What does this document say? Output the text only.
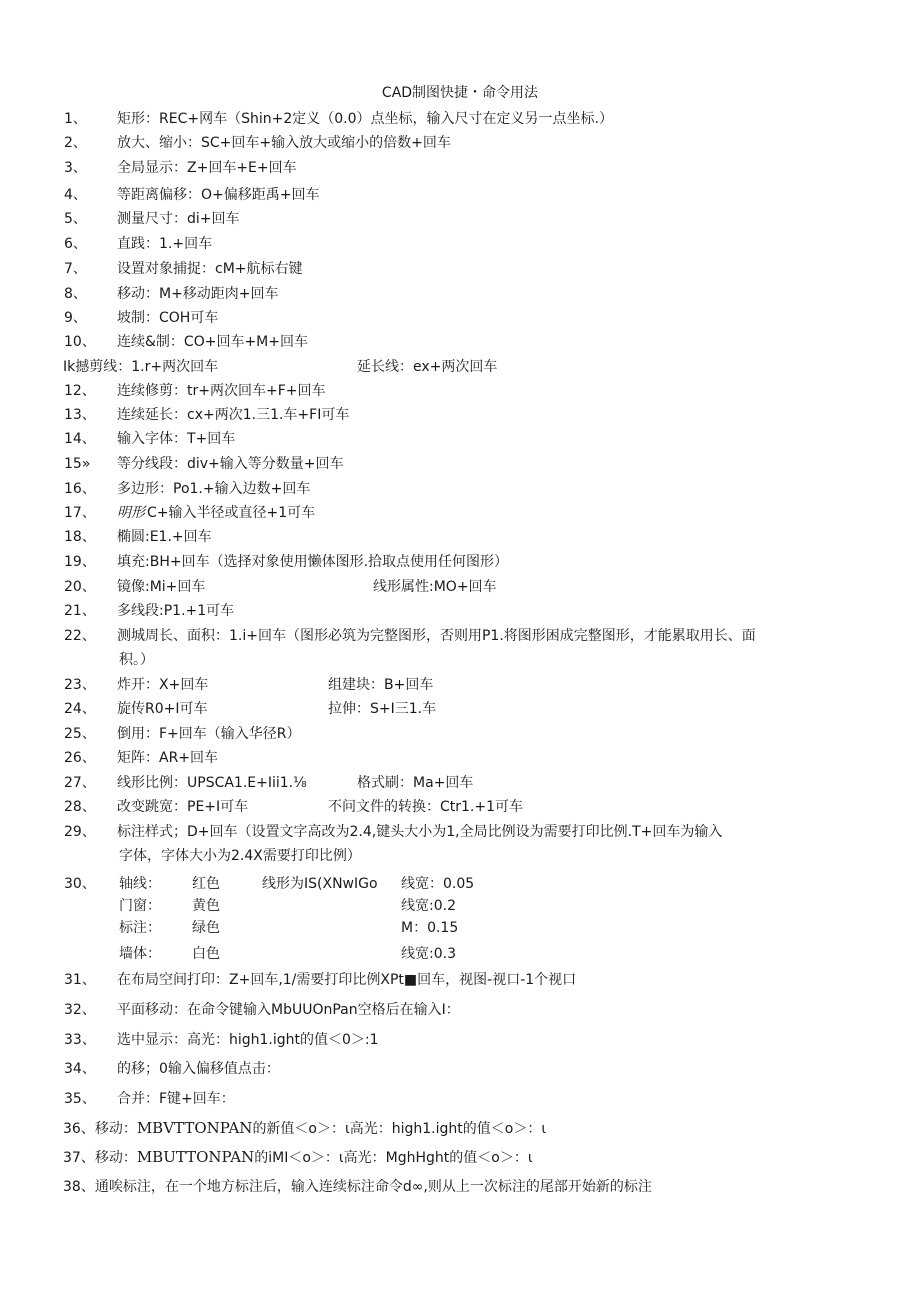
CAD制图快捷・命令用法
1、 矩形：REC+网车（Shin+2定义（0.0）点坐标，输入尺寸在定义另一点坐标.）
2、 放大、缩小：SC+回车+输入放大或缩小的倍数+回车
3、 全局显示：Z+回车+E+回车
4、 等距离偏移：O+偏移距禹+回车
5、 测量尺寸：di+回车
6、 直践：1.+回车
7、 设置对象捕捉：cM+航标右键
8、 移动：M+移动距肉+回车
9、 坡制：COH可车
10、 连续&制：CO+回车+M+回车
Ik撼剪线：1.r+两次回车	延长线：ex+两次回车
12、 连续修剪：tr+两次回车+F+回车
13、 连续延长：cx+两次1.三1.车+FI可车
14、 输入字体：T+回车
15» 等分线段：div+输入等分数量+回车
16、 多边形：Po1.+输入边数+回车
17、 明形 C+输入半径或直径+1可车
18、 椭圆:E1.+回车
19、 填充:BH+回车（选择对象使用懒体图形.拾取点使用任何图形）
20、 镜像:Mi+回车	线形属性:MO+回车
21、 多线段:P1.+1可车
22、 测城周长、面积：1.i+回车（图形必筑为完整图形，否则用P1.将图形困成完整图形，才能累取用长、面
积。）
23、 炸开：X+回车	组建块：B+回车
24、 旋传R0+I可车	拉伸：S+I三1.车
25、 倒用：F+回车（输入华径R）
26、 矩阵：AR+回车
27、 线形比例：UPSCA1.E+Iii1.⅛	格式刷：Ma+回车
28、 改变跳宽：PE+I可车	不问文件的转换：Ctr1.+1可车
29、 标注样式；D+回车（设置文字高改为2.4,键头大小为1,全局比例设为需要打印比例.T+回车为输入
字体，字体大小为2.4X需要打印比例）
30、 轴线： 红色	线形为IS(XNwIGo 线宽：0.05
门窗： 黄色	线宽:0.2
标注： 绿色	M：0.15
墙体： 白色	线宽:0.3
31、 在布局空间打印：Z+回车,1/需要打印比例XPt■回车，视图-视口-1个视口
32、 平面移动：在命令键输入MbUUOnPan空格后在输入I：
33、 选中显示：高光：high1.ight的值＜0＞:1
34、 的移；0输入偏移值点击：
35、 合并：F键+回车：
36、移动：MBVTTONPAN的新值＜o＞：ι高光：high1.ight的值＜o＞：ι
37、移动：MBUTTONPAN的iMI＜o＞：ι高光：MghHght的值＜o＞：ι
38、通唉标注，在一个地方标注后，输入连续标注命令d∞,则从上一次标注的尾部开始新的标注
